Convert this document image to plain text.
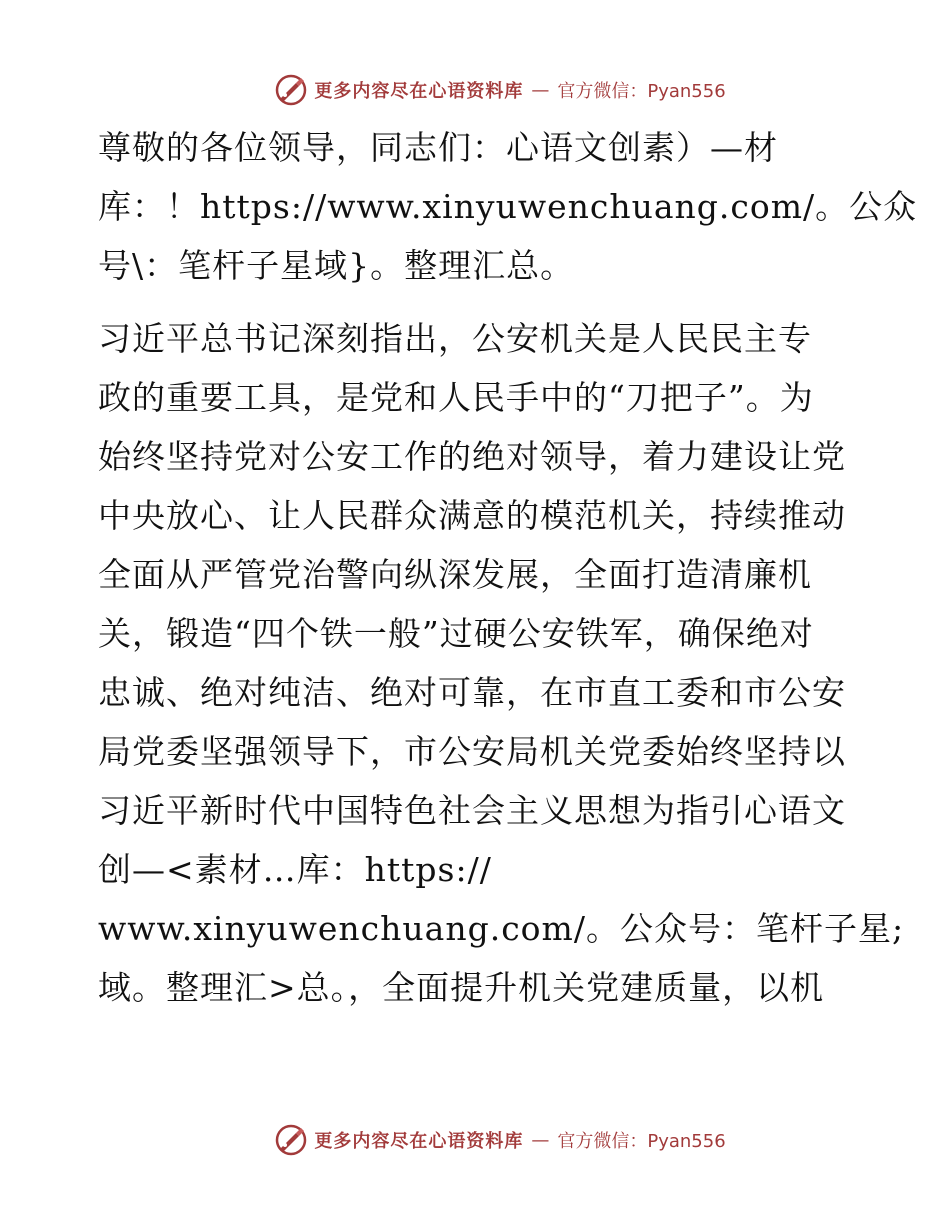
更多内容尽在心语资料库 — 官方微信：Pyan556
尊敬的各位领导，同志们：心语文创素）—材
库：！https://www.xinyuwenchuang.com/。公众
号\：笔杆子星域}。整理汇总。
习近平总书记深刻指出，公安机关是人民民主专
政的重要工具，是党和人民手中的“刀把子”。为
始终坚持党对公安工作的绝对领导，着力建设让党
中央放心、让人民群众满意的模范机关，持续推动
全面从严管党治警向纵深发展，全面打造清廉机
关，锻造“四个铁一般”过硬公安铁军，确保绝对
忠诚、绝对纯洁、绝对可靠，在市直工委和市公安
局党委坚强领导下，市公安局机关党委始终坚持以
习近平新时代中国特色社会主义思想为指引心语文
创—<素材…库：https://
www.xinyuwenchuang.com/。公众号：笔杆子星;
域。整理汇>总。，全面提升机关党建质量，以机
更多内容尽在心语资料库 — 官方微信：Pyan556
